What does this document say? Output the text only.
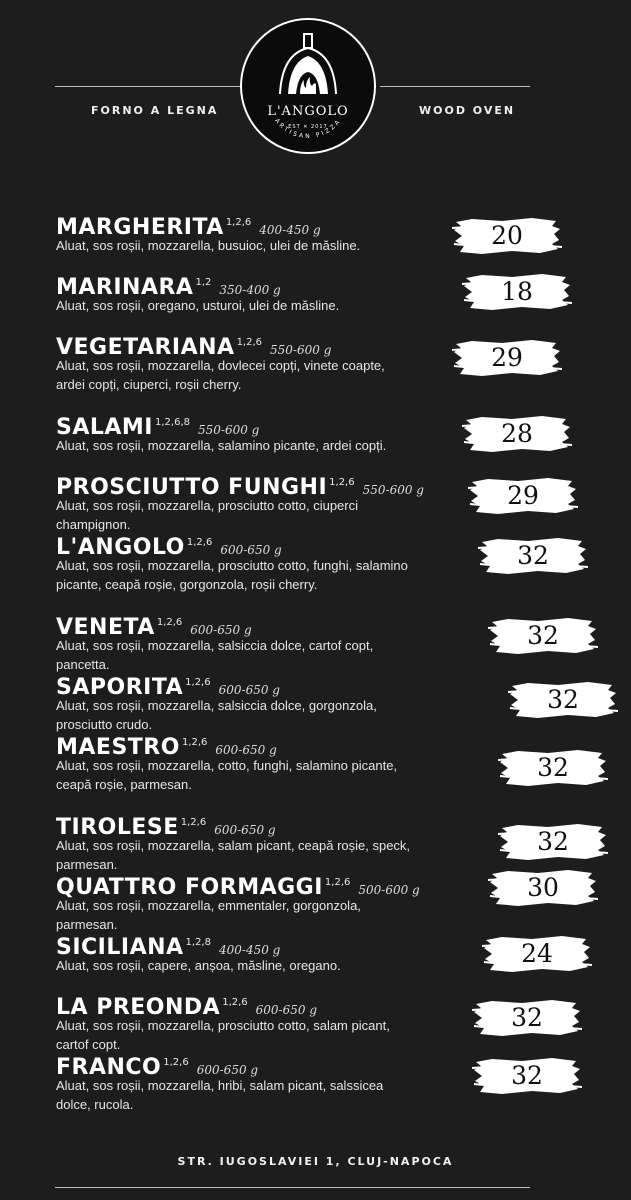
FORNO A LEGNA	WOOD OVEN
ARTISAN PIZZA
L'ANGOLO
EST ✕ 2017
MARGHERITA $^{1,2,6}$400-450 g
Aluat, sos roșii, mozzarella, busuioc, ulei de măsline.	20
MARINARA $^{1,2}$350-400 g
Aluat, sos roșii, oregano, usturoi, ulei de măsline.	18
VEGETARIANA $^{1,2,6}$550-600 g
Aluat, sos roșii, mozzarella, dovlecei copți, vinete coapte, ardei copți, ciuperci, roșii cherry.
29
SALAMI $^{1,2,6,8}$550-600 g
Aluat, sos roșii, mozzarella, salamino picante, ardei copți.	28
PROSCIUTTO FUNGHI $^{1,2,6}$550-600 g
Aluat, sos roșii, mozzarella, prosciutto cotto, ciuperci champignon.
29
L'ANGOLO $^{1,2,6}$600-650 g
Aluat, sos roșii, mozzarella, prosciutto cotto, funghi, salamino picante, ceapă roșie, gorgonzola, roșii cherry.
32
VENETA $^{1,2,6}$600-650 g
Aluat, sos roșii, mozzarella, salsiccia dolce, cartof copt, pancetta.
32
SAPORITA $^{1,2,6}$600-650 g
Aluat, sos roșii, mozzarella, salsiccia dolce, gorgonzola, prosciutto crudo.
32
MAESTRO $^{1,2,6}$600-650 g
Aluat, sos roșii, mozzarella, cotto, funghi, salamino picante, ceapă roșie, parmesan.
32
TIROLESE $^{1,2,6}$600-650 g
Aluat, sos roșii, mozzarella, salam picant, ceapă roșie, speck, parmesan.
32
QUATTRO FORMAGGI $^{1,2,6}$500-600 g
Aluat, sos roșii, mozzarella, emmentaler, gorgonzola, parmesan.
30
SICILIANA $^{1,2,8}$400-450 g
Aluat, sos roșii, capere, anșoa, măsline, oregano.	24
LA PREONDA $^{1,2,6}$600-650 g
Aluat, sos roșii, mozzarella, prosciutto cotto, salam picant, cartof copt.
32
FRANCO $^{1,2,6}$600-650 g
Aluat, sos roșii, mozzarella, hribi, salam picant, salssicea dolce, rucola.
32
STR. IUGOSLAVIEI 1, CLUJ-NAPOCA
